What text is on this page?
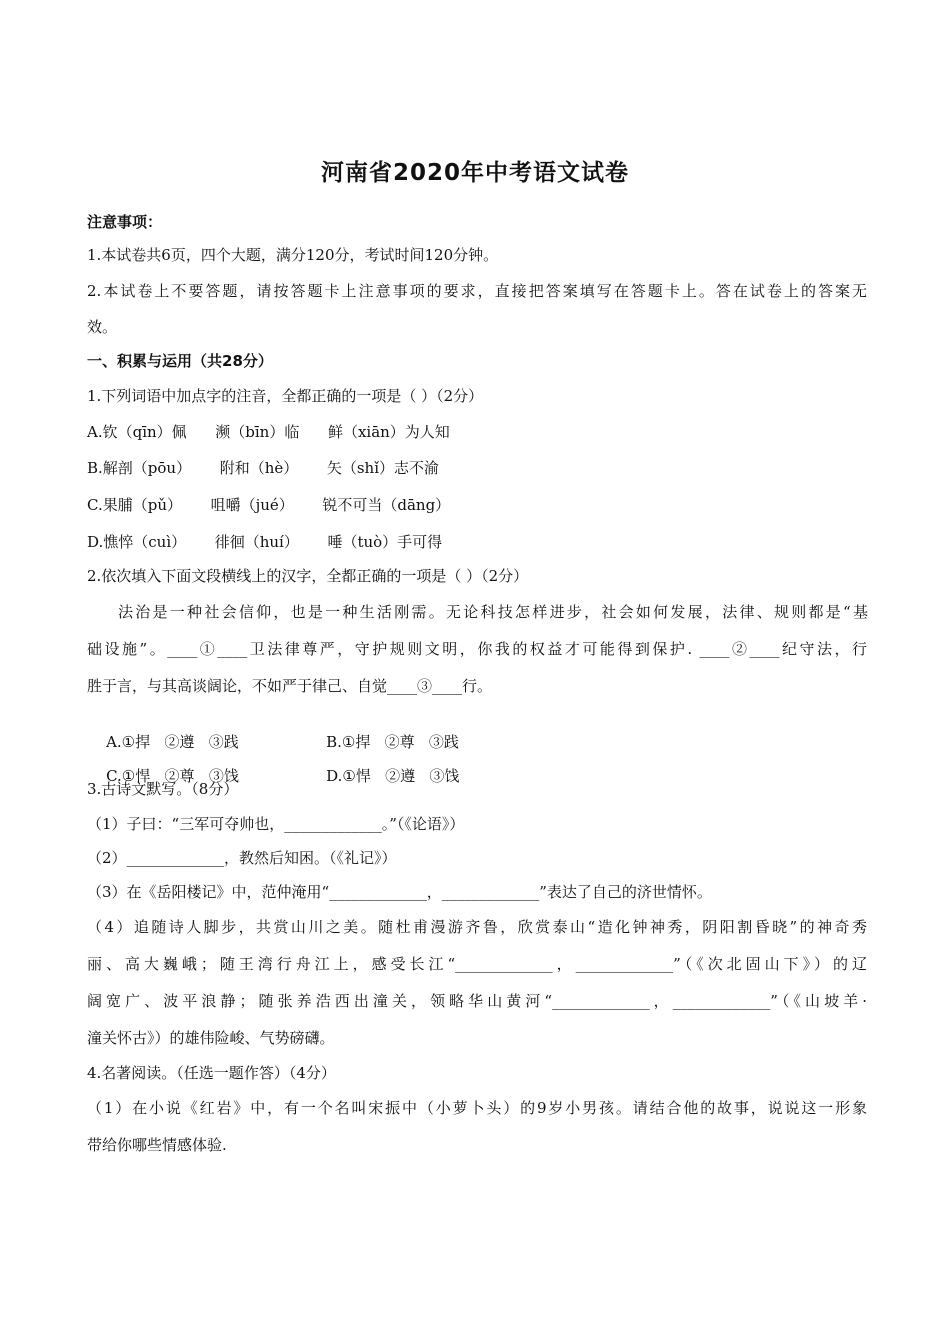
河南省2020年中考语文试卷
注意事项：
1.本试卷共6页，四个大题，满分120分，考试时间120分钟。
2.本试卷上不要答题，请按答题卡上注意事项的要求，直接把答案填写在答题卡上。答在试卷上的答案无
效。
一、积累与运用（共28分）
1.下列词语中加点字的注音，全都正确的一项是（ ）（2分）
A.钦（qīn）佩      濒（bīn）临      鲜（xiān）为人知
B.解剖（pōu）      附和（hè）      矢（shǐ）志不渝
C.果脯（pǔ）      咀嚼（jué）      锐不可当（dāng）
D.憔悴（cuì）      徘徊（huí）      唾（tuò）手可得
2.依次填入下面文段横线上的汉字，全都正确的一项是（ ）（2分）
法治是一种社会信仰，也是一种生活刚需。无论科技怎样进步，社会如何发展，法律、规则都是“基
础设施”。____①____卫法律尊严，守护规则文明，你我的权益才可能得到保护. ____②____纪守法，行
胜于言，与其高谈阔论，不如严于律己、自觉____③____行。

A.①捍   ②遵   ③践	B.①捍   ②尊   ③践

C.①悍   ②尊   ③饯	D.①悍   ②遵   ③饯

3.古诗文默写。（8分）
（1）子曰：“三军可夺帅也，_____________。”（《论语》）
（2）_____________，教然后知困。（《礼记》）
（3）在《岳阳楼记》中，范仲淹用“_____________，_____________”表达了自己的济世情怀。
（4）追随诗人脚步，共赏山川之美。随杜甫漫游齐鲁，欣赏泰山“造化钟神秀，阴阳割昏晓”的神奇秀
丽、高大巍峨；随王湾行舟江上，感受长江“_____________，_____________”（《次北固山下》）的辽
阔宽广、波平浪静；随张养浩西出潼关，领略华山黄河“_____________，_____________”（《山坡羊·
潼关怀古》）的雄伟险峻、气势磅礴。
4.名著阅读。（任选一题作答）（4分）
（1）在小说《红岩》中，有一个名叫宋振中（小萝卜头）的9岁小男孩。请结合他的故事，说说这一形象
带给你哪些情感体验.
